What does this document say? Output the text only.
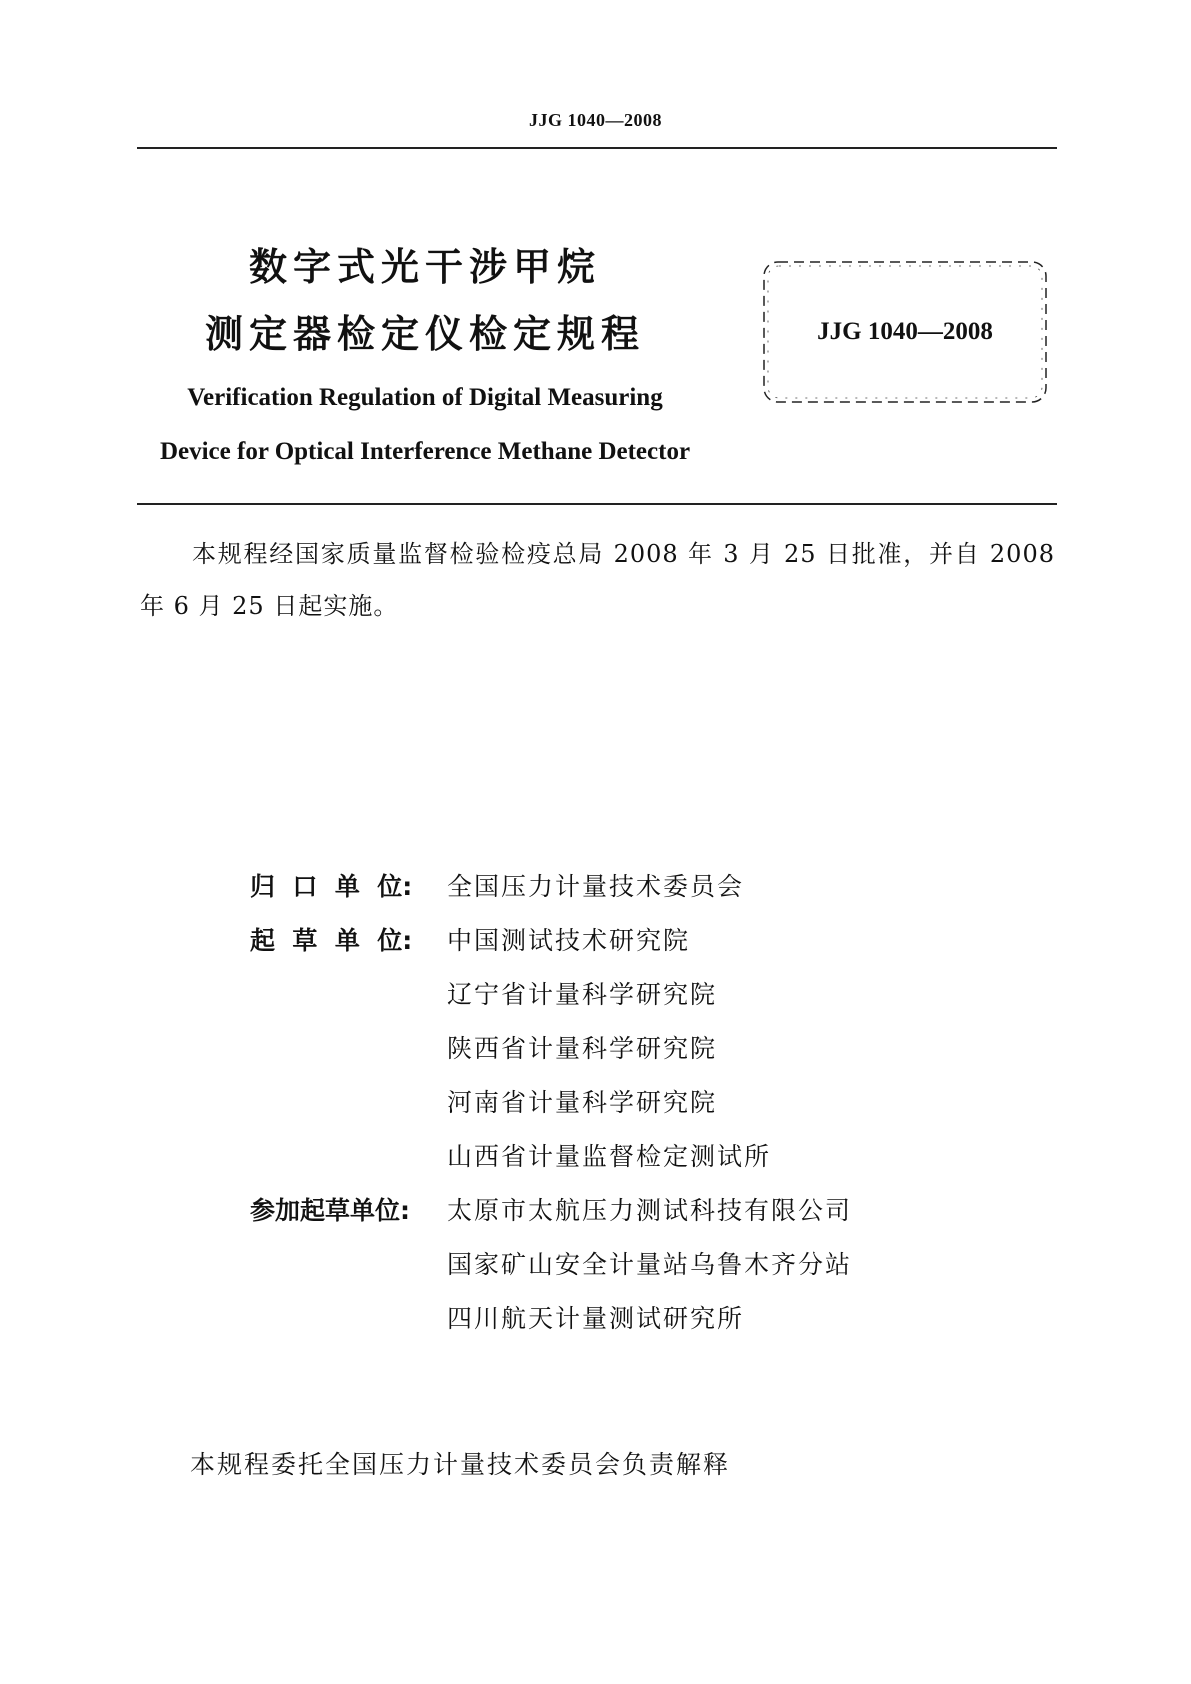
JJG 1040—2008
数字式光干涉甲烷
测定器检定仪检定规程
Verification Regulation of Digital Measuring
Device for Optical Interference Methane Detector
JJG 1040—2008
本规程经国家质量监督检验检疫总局 2008 年 3 月 25 日批准，并自 2008 年 6 月 25 日起实施。
归  口  单  位:	全国压力计量技术委员会
起  草  单  位:	中国测试技术研究院
辽宁省计量科学研究院
陕西省计量科学研究院
河南省计量科学研究院
山西省计量监督检定测试所
参加起草单位:	太原市太航压力测试科技有限公司
国家矿山安全计量站乌鲁木齐分站
四川航天计量测试研究所
本规程委托全国压力计量技术委员会负责解释
